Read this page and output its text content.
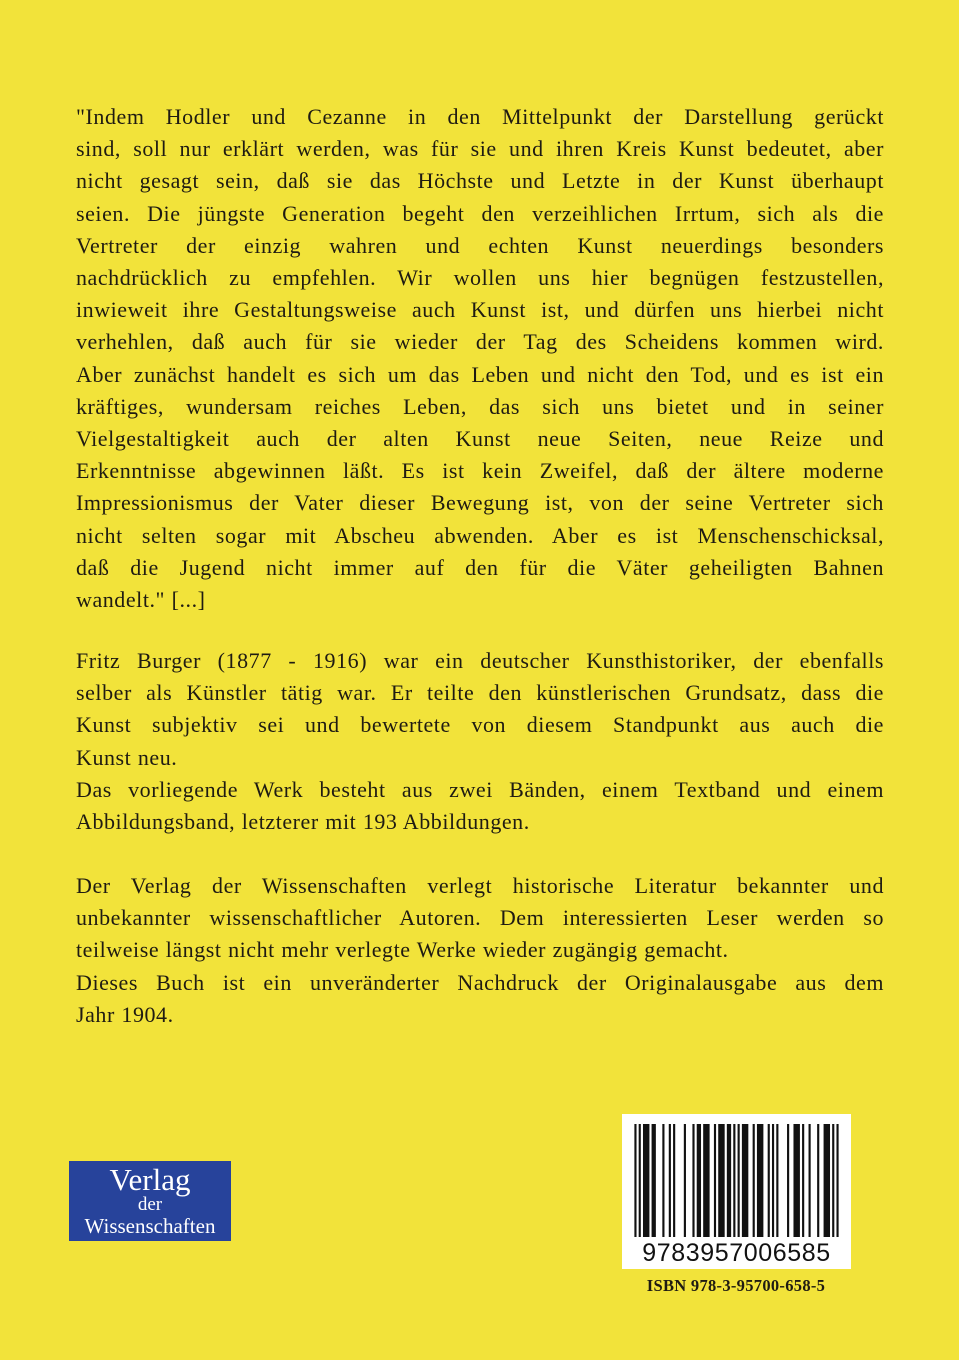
"Indem Hodler und Cezanne in den Mittelpunkt der Darstellung gerückt

sind, soll nur erklärt werden, was für sie und ihren Kreis Kunst bedeutet, aber

nicht gesagt sein, daß sie das Höchste und Letzte in der Kunst überhaupt

seien. Die jüngste Generation begeht den verzeihlichen Irrtum, sich als die

Vertreter der einzig wahren und echten Kunst neuerdings besonders

nachdrücklich zu empfehlen. Wir wollen uns hier begnügen festzustellen,

inwieweit ihre Gestaltungsweise auch Kunst ist, und dürfen uns hierbei nicht

verhehlen, daß auch für sie wieder der Tag des Scheidens kommen wird.

Aber zunächst handelt es sich um das Leben und nicht den Tod, und es ist ein

kräftiges, wundersam reiches Leben, das sich uns bietet und in seiner

Vielgestaltigkeit auch der alten Kunst neue Seiten, neue Reize und

Erkenntnisse abgewinnen läßt. Es ist kein Zweifel, daß der ältere moderne

Impressionismus der Vater dieser Bewegung ist, von der seine Vertreter sich

nicht selten sogar mit Abscheu abwenden. Aber es ist Menschenschicksal,

daß die Jugend nicht immer auf den für die Väter geheiligten Bahnen

wandelt." [...]

Fritz Burger (1877 - 1916) war ein deutscher Kunsthistoriker, der ebenfalls

selber als Künstler tätig war. Er teilte den künstlerischen Grundsatz, dass die

Kunst subjektiv sei und bewertete von diesem Standpunkt aus auch die

Kunst neu.

Das vorliegende Werk besteht aus zwei Bänden, einem Textband und einem

Abbildungsband, letzterer mit 193 Abbildungen.

Der Verlag der Wissenschaften verlegt historische Literatur bekannter und

unbekannter wissenschaftlicher Autoren. Dem interessierten Leser werden so

teilweise längst nicht mehr verlegte Werke wieder zugängig gemacht.

Dieses Buch ist ein unveränderter Nachdruck der Originalausgabe aus dem

Jahr 1904.

Verlag
der
Wissenschaften
9783957006585
ISBN 978-3-95700-658-5
